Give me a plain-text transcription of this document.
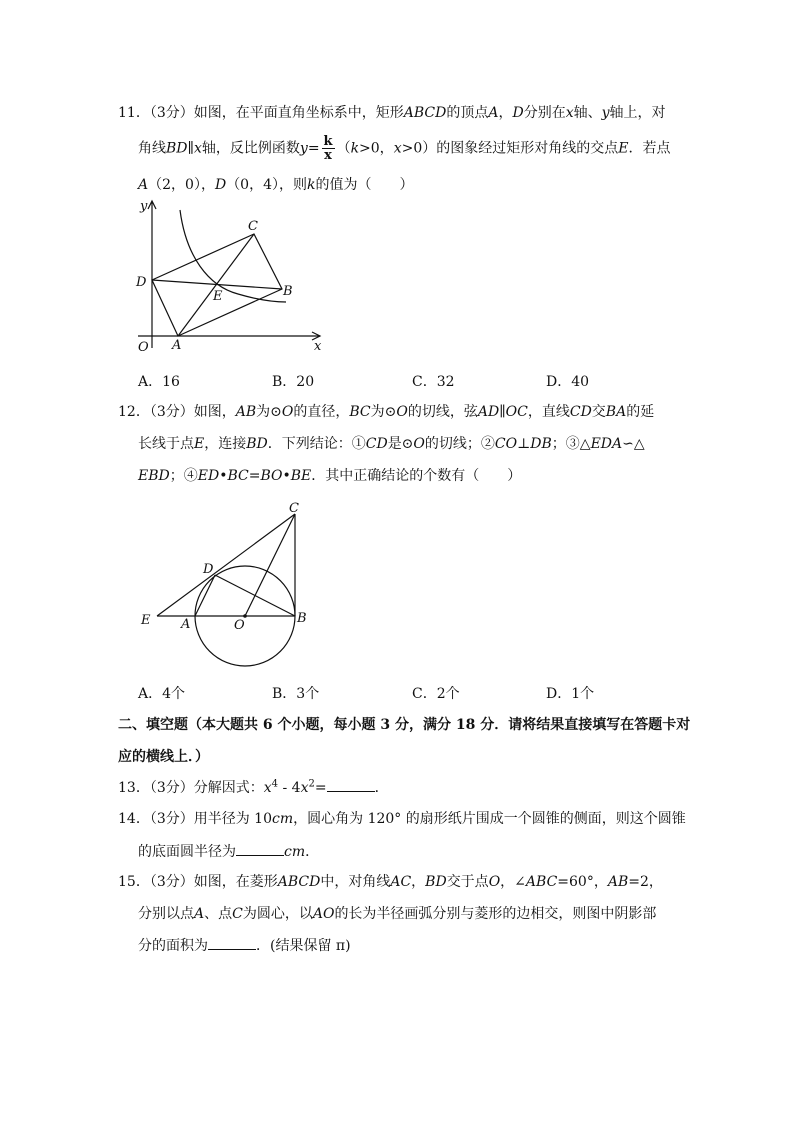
11．（3分）如图，在平面直角坐标系中，矩形ABCD的顶点A，D分别在x轴、y轴上，对
角线BD∥x轴，反比例函数$y= \frac{k}{x} (k>0$，x>0）的图象经过矩形对角线的交点E．若点
A（2，0），D（0，4），则k的值为（　　）
y
x
O A
D
C
B
E
A．16	B．20	C．32	D．40
12．（3分）如图，AB为⊙O的直径，BC为⊙O的切线，弦AD∥OC，直线CD交BA的延
长线于点E，连接BD．下列结论：①CD是⊙O的切线；②CO⊥DB；③△EDA∽△
EBD；④ED•BC=BO•BE．其中正确结论的个数有（　　）
C
D
E A	O	B
A．4个	B．3个	C．2个	D．1个
二、填空题（本大题共 6 个小题，每小题 3 分，满分 18 分．请将结果直接填写在答题卡对
应的横线上．）
13．（3分）分解因式：$x^4 - 4x^2=$	．
14．（3分）用半径为 10cm，圆心角为 120° 的扇形纸片围成一个圆锥的侧面，则这个圆锥
的底面圆半径为	cm．
15．（3分）如图，在菱形ABCD中，对角线AC，BD交于点O，∠ABC=60°，AB=2，
分别以点A、点C为圆心，以AO的长为半径画弧分别与菱形的边相交，则图中阴影部
分的面积为	．(结果保留 π)
